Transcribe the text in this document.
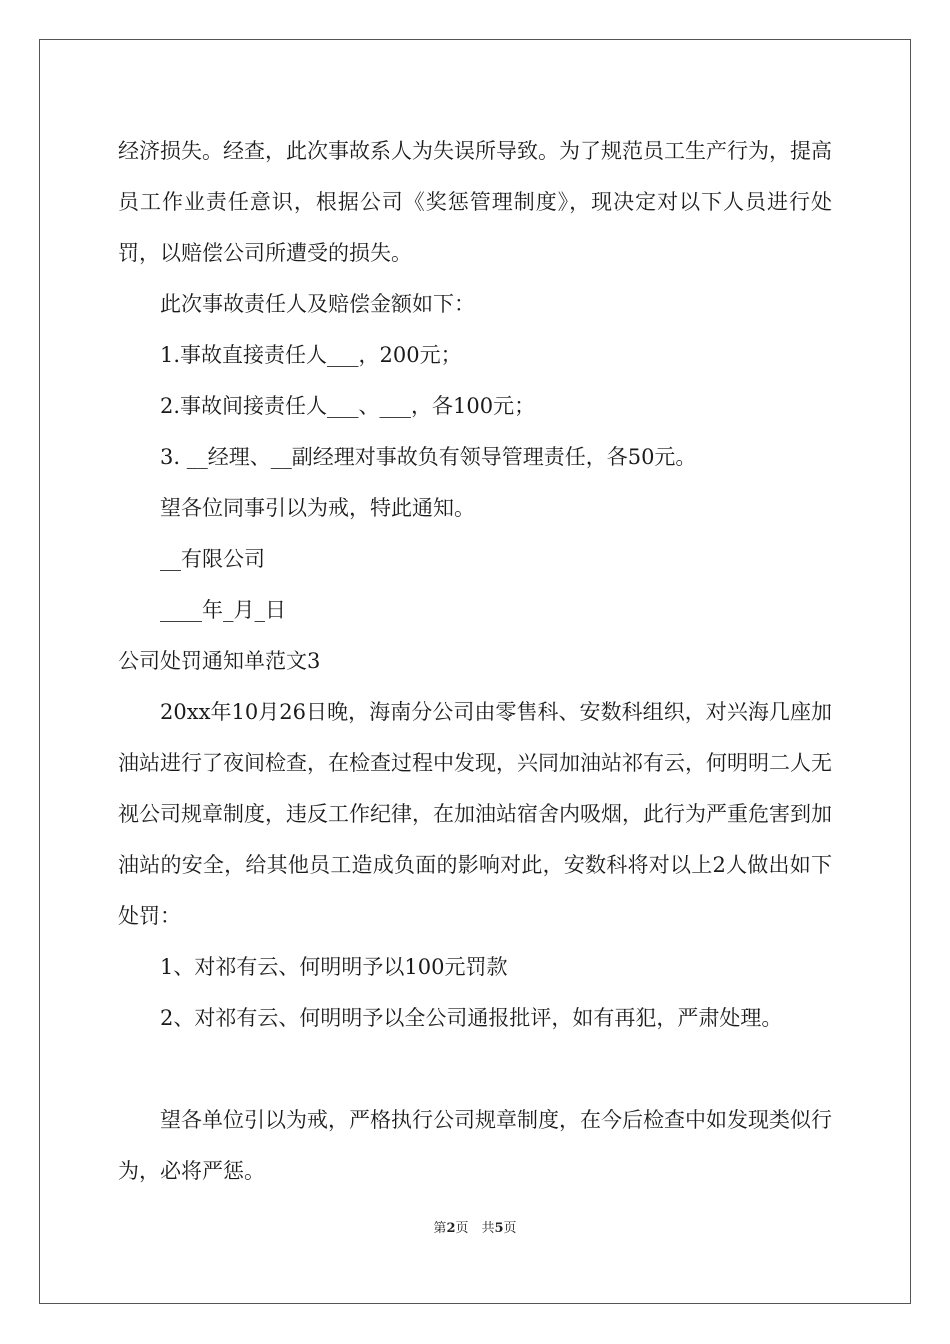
经济损失。经查，此次事故系人为失误所导致。为了规范员工生产行为，提高员工作业责任意识，根据公司《奖惩管理制度》，现决定对以下人员进行处罚，以赔偿公司所遭受的损失。

此次事故责任人及赔偿金额如下：

1.事故直接责任人___，200元；

2.事故间接责任人___、___，各100元；

3. __经理、__副经理对事故负有领导管理责任，各50元。

望各位同事引以为戒，特此通知。

__有限公司

____年_月_日

公司处罚通知单范文3

20xx年10月26日晚，海南分公司由零售科、安数科组织，对兴海几座加油站进行了夜间检查，在检查过程中发现，兴同加油站祁有云，何明明二人无视公司规章制度，违反工作纪律，在加油站宿舍内吸烟，此行为严重危害到加油站的安全，给其他员工造成负面的影响对此，安数科将对以上2人做出如下处罚：

1、对祁有云、何明明予以100元罚款

2、对祁有云、何明明予以全公司通报批评，如有再犯，严肃处理。

望各单位引以为戒，严格执行公司规章制度，在今后检查中如发现类似行为，必将严惩。

第2页　共5页
